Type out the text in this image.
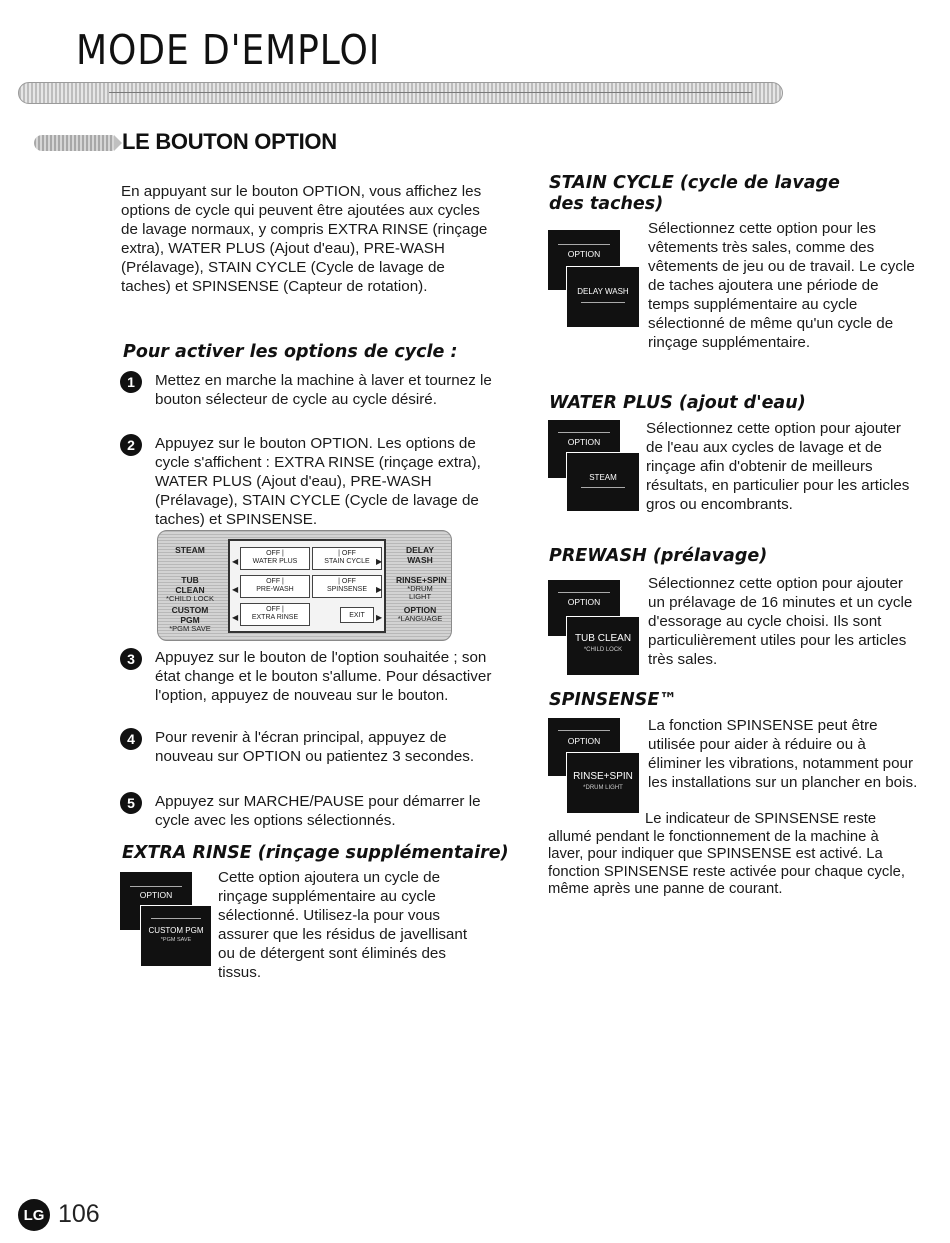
MODE D'EMPLOI
LE BOUTON OPTION
En appuyant sur le bouton OPTION, vous affichez les options de cycle qui peuvent être ajoutées aux cycles de lavage normaux, y compris EXTRA RINSE (rinçage extra), WATER PLUS (Ajout d'eau), PRE-WASH (Prélavage), STAIN CYCLE (Cycle de lavage de taches) et SPINSENSE (Capteur de rotation).
Pour activer les options de cycle :
1	Mettez en marche la machine à laver et tournez le bouton sélecteur de cycle au cycle désiré.
2	Appuyez sur le bouton OPTION. Les options de cycle s'affichent : EXTRA RINSE (rinçage extra), WATER PLUS (Ajout d'eau), PRE-WASH (Prélavage), STAIN CYCLE (Cycle de lavage de taches) et SPINSENSE.
STEAM
TUB CLEAN
*CHILD LOCK
CUSTOM PGM
*PGM SAVE
◀
OFF |
WATER PLUS
| OFF
STAIN CYCLE ▶
◀
OFF |
PRE-WASH
| OFF
SPINSENSE	▶
◀
OFF |
EXTRA RINSE	EXIT	▶
DELAY WASH
RINSE+SPIN
*DRUM LIGHT
OPTION
*LANGUAGE
3	Appuyez sur le bouton de l'option souhaitée ; son état change et le bouton s'allume. Pour désactiver l'option, appuyez de nouveau sur le bouton.
4	Pour revenir à l'écran principal, appuyez de nouveau sur OPTION ou patientez 3 secondes.
5	Appuyez sur MARCHE/PAUSE pour démarrer le cycle avec les options sélectionnés.
EXTRA RINSE (rinçage supplémentaire)
OPTION
CUSTOM PGM
*PGM SAVE
Cette option ajoutera un cycle de rinçage supplémentaire au cycle sélectionné. Utilisez-la pour vous assurer que les résidus de javellisant ou de détergent sont éliminés des tissus.
STAIN CYCLE (cycle de lavage des taches)
OPTION
DELAY WASH
Sélectionnez cette option pour les vêtements très sales, comme des vêtements de jeu ou de travail. Le cycle de taches ajoutera une période de temps supplémentaire au cycle sélectionné de même qu'un cycle de rinçage supplémentaire.
WATER PLUS (ajout d'eau)
OPTION
STEAM
Sélectionnez cette option pour ajouter de l'eau aux cycles de lavage et de rinçage afin d'obtenir de meilleurs résultats, en particulier pour les articles gros ou encombrants.
PREWASH (prélavage)
OPTION
TUB CLEAN
*CHILD LOCK
Sélectionnez cette option pour ajouter un prélavage de 16 minutes et un cycle d'essorage au cycle choisi. Ils sont particulièrement utiles pour les articles très sales.
SPINSENSE™
OPTION
RINSE+SPIN
*DRUM LIGHT
La fonction SPINSENSE peut être utilisée pour aider à réduire ou à éliminer les vibrations, notamment pour les installations sur un plancher en bois.
Le indicateur de SPINSENSE reste allumé pendant le fonctionnement de la machine à laver, pour indiquer que SPINSENSE est activé. La fonction SPINSENSE reste activée pour chaque cycle, même après une panne de courant.
LG 106
